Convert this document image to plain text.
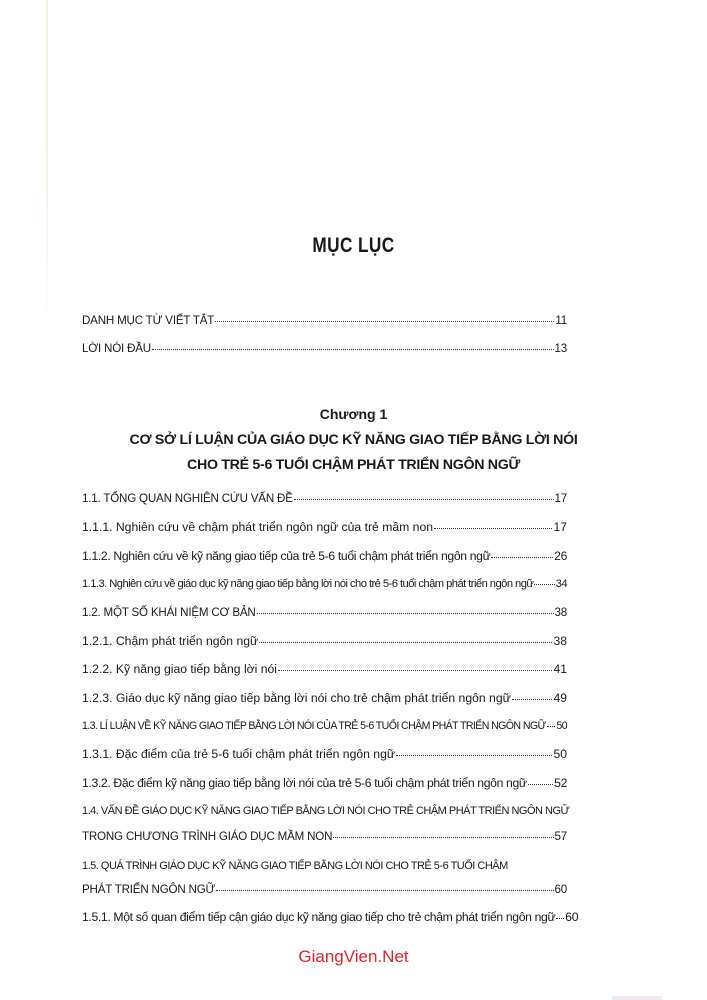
MỤC LỤC
DANH MỤC TỪ VIẾT TẮT	11
LỜI NÓI ĐẦU	13
Chương 1
CƠ SỞ LÍ LUẬN CỦA GIÁO DỤC KỸ NĂNG GIAO TIẾP BẰNG LỜI NÓI
CHO TRẺ 5-6 TUỔI CHẬM PHÁT TRIỂN NGÔN NGỮ
1.1. TỔNG QUAN NGHIÊN CỨU VẤN ĐỀ	17
1.1.1. Nghiên cứu về chậm phát triển ngôn ngữ của trẻ mầm non	17
1.1.2. Nghiên cứu về kỹ năng giao tiếp của trẻ 5-6 tuổi chậm phát triển ngôn ngữ	26
1.1.3. Nghiên cứu về giáo dục kỹ năng giao tiếp bằng lời nói cho trẻ 5-6 tuổi chậm phát triển ngôn ngữ 34
1.2. MỘT SỐ KHÁI NIỆM CƠ BẢN	38
1.2.1. Chậm phát triển ngôn ngữ	38
1.2.2. Kỹ năng giao tiếp bằng lời nói	41
1.2.3. Giáo dục kỹ năng giao tiếp bằng lời nói cho trẻ chậm phát triển ngôn ngữ	49
1.3. LÍ LUẬN VỀ KỸ NĂNG GIAO TIẾP BẰNG LỜI NÓI CỦA TRẺ 5-6 TUỔI CHẬM PHÁT TRIỂN NGÔN NGỮ 50
1.3.1. Đặc điểm của trẻ 5-6 tuổi chậm phát triển ngôn ngữ	50
1.3.2. Đặc điểm kỹ năng giao tiếp bằng lời nói của trẻ 5-6 tuổi chậm phát triển ngôn ngữ 52
1.4. VẤN ĐỀ GIÁO DỤC KỸ NĂNG GIAO TIẾP BẰNG LỜI NÓI CHO TRẺ CHẬM PHÁT TRIỂN NGÔN NGỮ
TRONG CHƯƠNG TRÌNH GIÁO DỤC MẦM NON	57
1.5. QUÁ TRÌNH GIÁO DỤC KỸ NĂNG GIAO TIẾP BẰNG LỜI NÓI CHO TRẺ 5-6 TUỔI CHẬM
PHÁT TRIỂN NGÔN NGỮ	60
1.5.1. Một số quan điểm tiếp cận giáo dục kỹ năng giao tiếp cho trẻ chậm phát triển ngôn ngữ 60
GiangVien.Net
